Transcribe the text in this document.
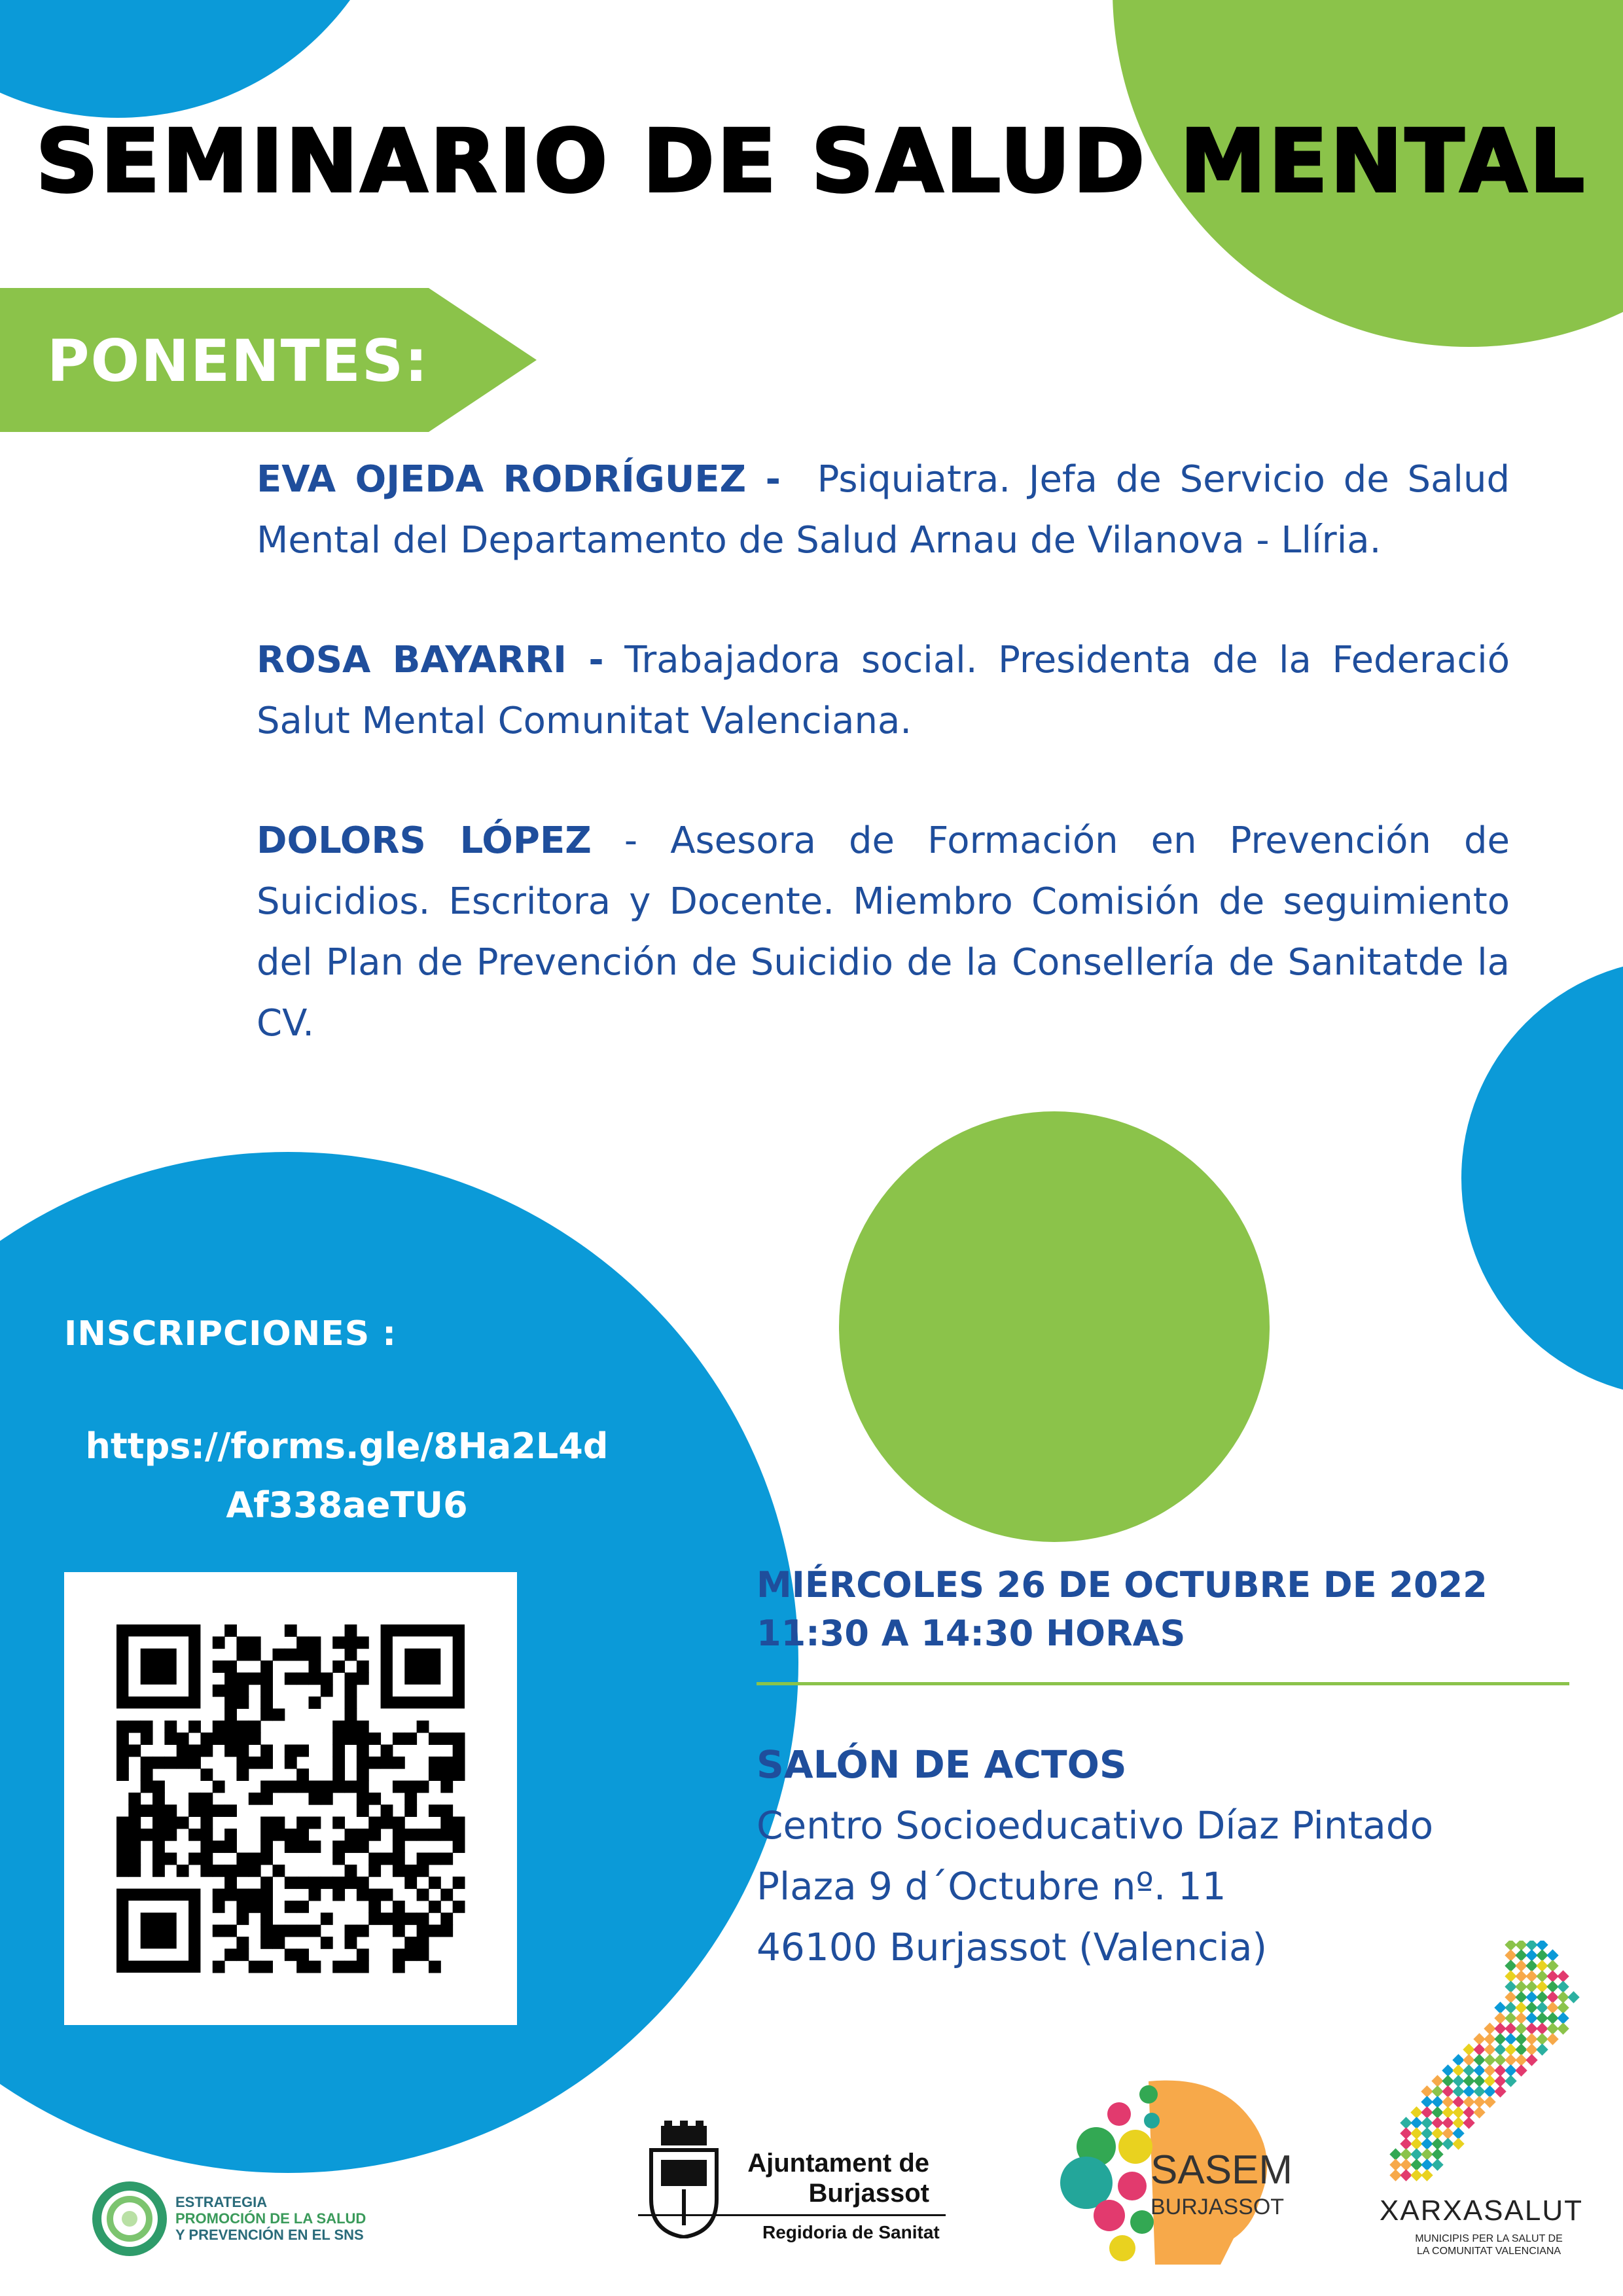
SEMINARIO DE SALUD MENTAL
PONENTES:

EVA OJEDA RODRÍGUEZ - Psiquiatra. Jefa de Servicio de Salud Mental del Departamento de Salud Arnau de Vilanova - Llíria.

ROSA BAYARRI - Trabajadora social. Presidenta de la Federació Salut Mental Comunitat Valenciana.

DOLORS LÓPEZ - Asesora de Formación en Prevención de Suicidios. Escritora y Docente. Miembro Comisión de seguimiento del Plan de Prevención de Suicidio de la Consellería de Sanitatde la CV.

INSCRIPCIONES :
https://forms.gle/8Ha2L4d
Af338aeTU6
MIÉRCOLES 26 DE OCTUBRE DE 2022
11:30 A 14:30 HORAS
SALÓN DE ACTOS
Centro Socioeducativo Díaz Pintado
Plaza 9 d´Octubre nº. 11
46100 Burjassot (Valencia)
ESTRATEGIA
PROMOCIÓN DE LA SALUD
Y PREVENCIÓN EN EL SNS
Ajuntament de
Burjassot
Regidoria de Sanitat
SASEM
BURJASSOT	XARXASALUT
MUNICIPIS PER LA SALUT DE
LA COMUNITAT VALENCIANA
